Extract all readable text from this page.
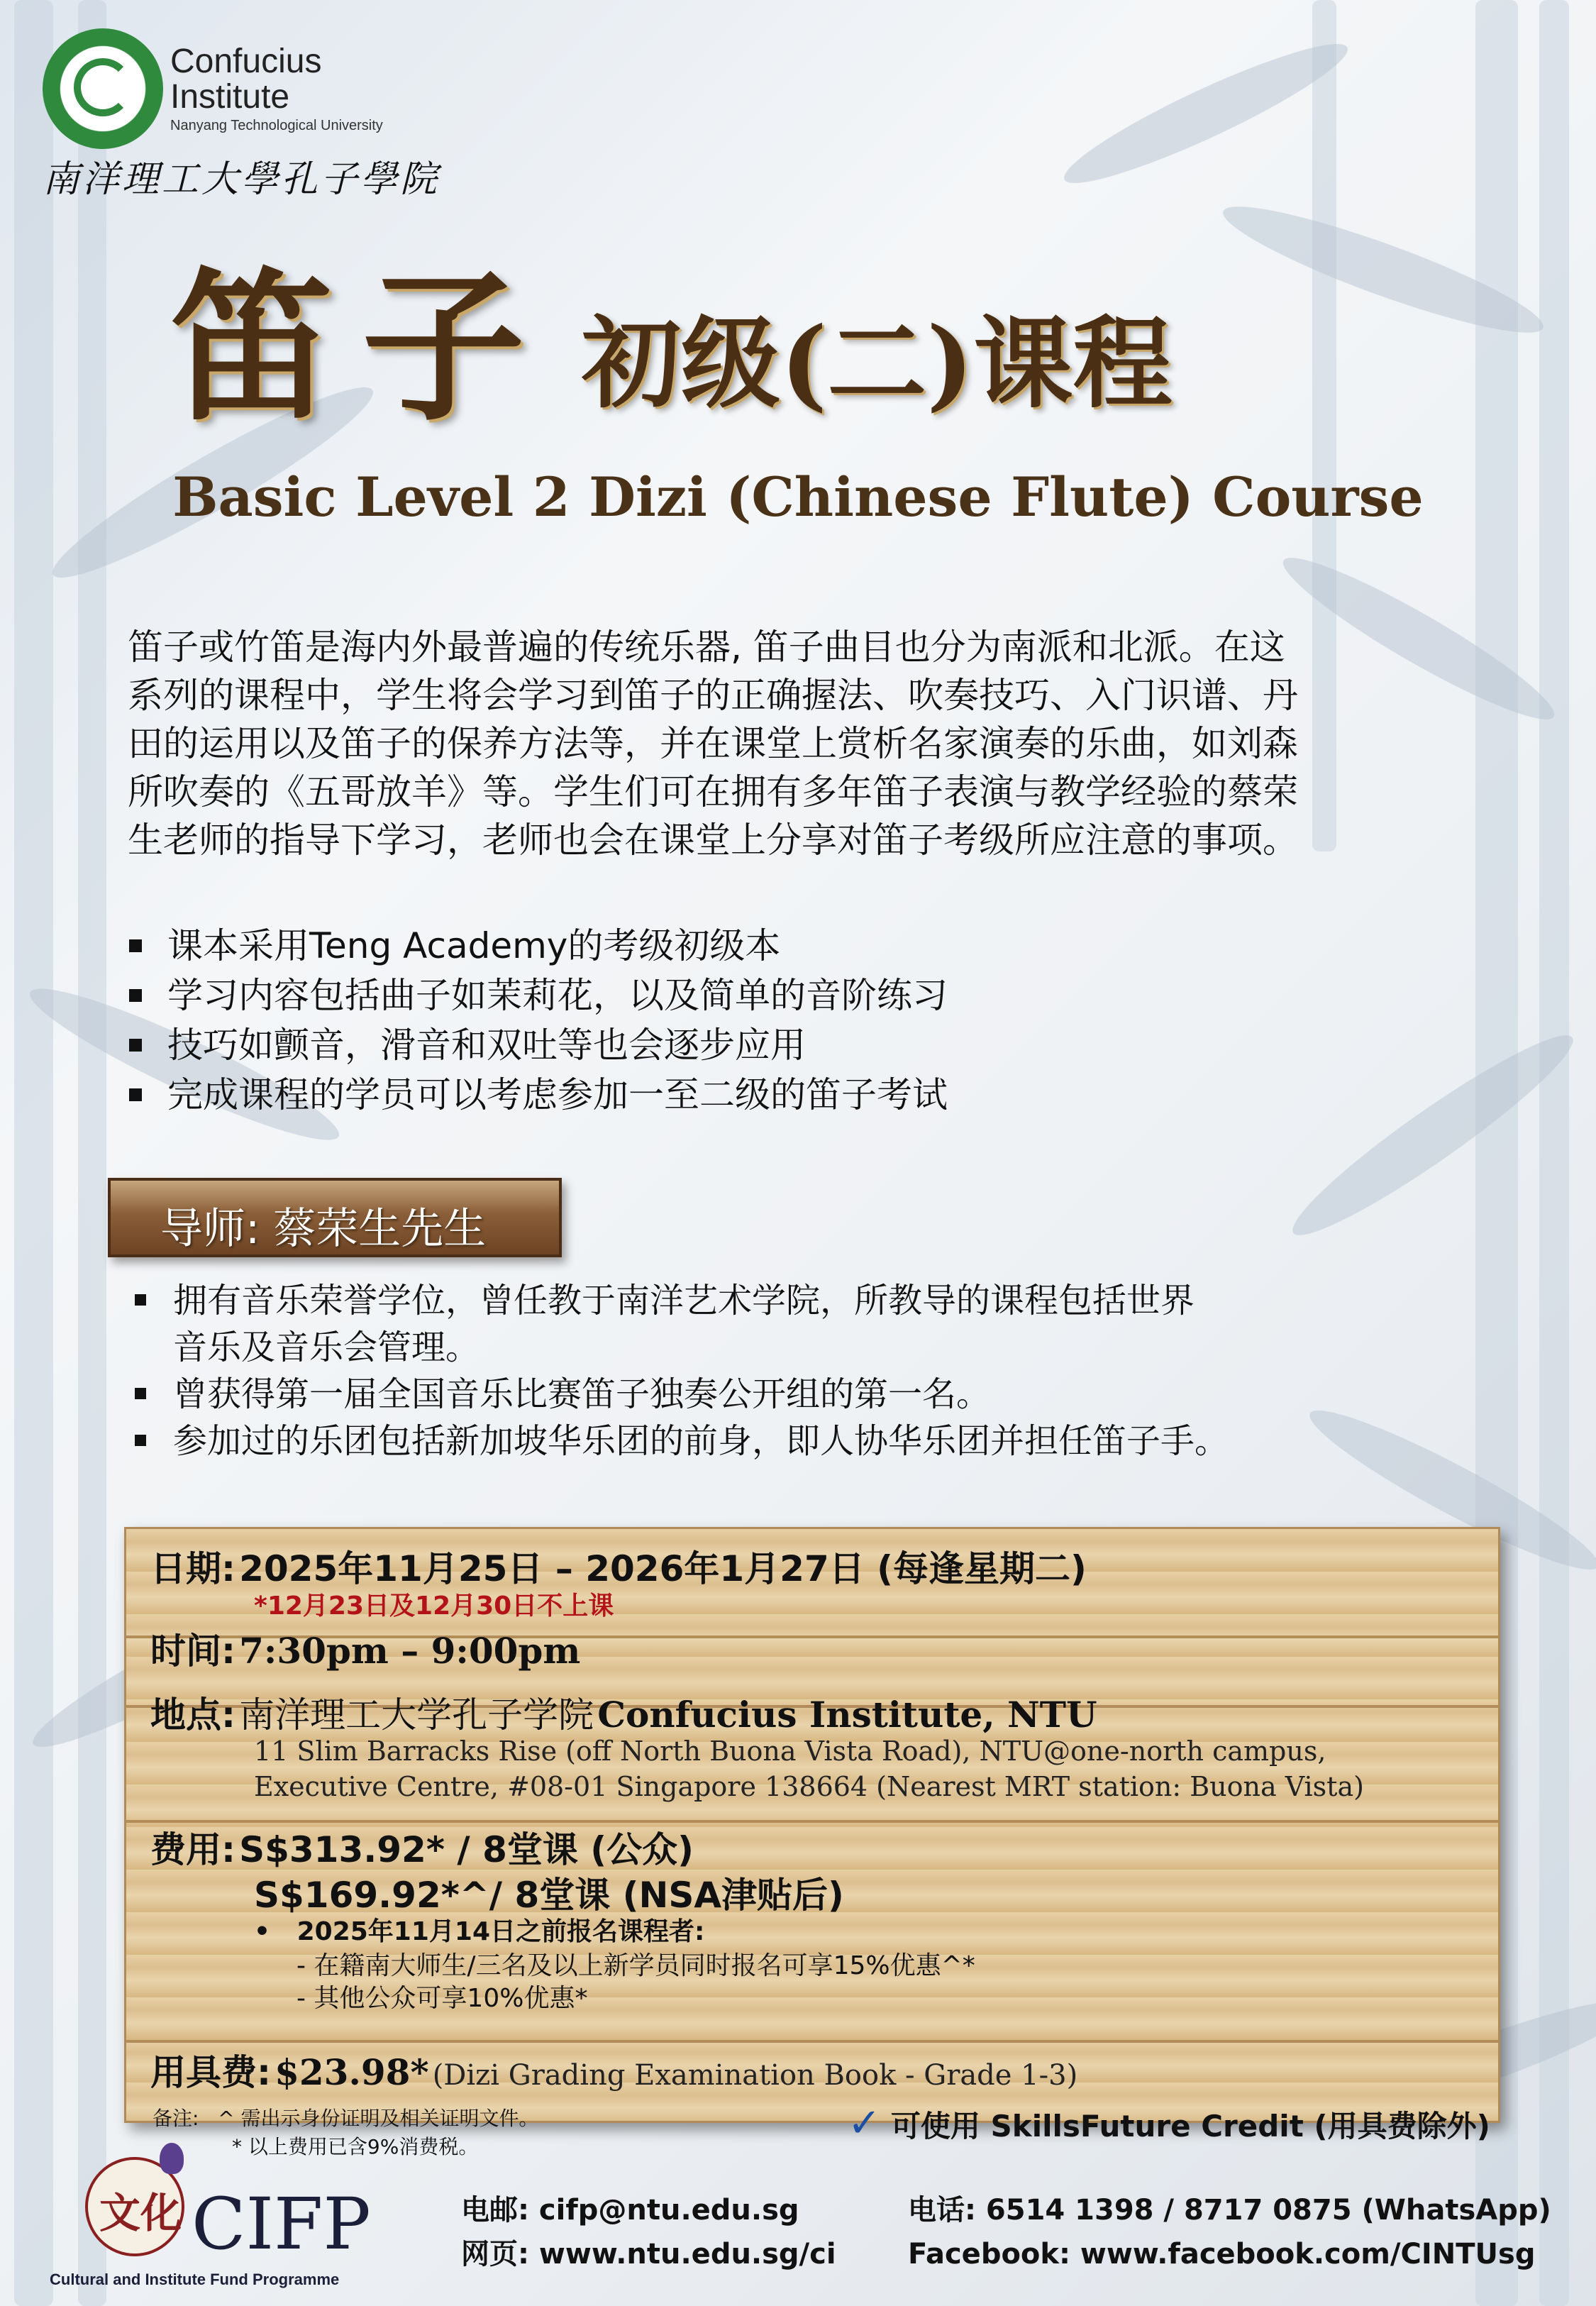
Confucius
Institute
Nanyang Technological University
南洋理工大學孔子學院
笛子 初级(二)课程
Basic Level 2 Dizi (Chinese Flute) Course
笛子或竹笛是海内外最普遍的传统乐器, 笛子曲目也分为南派和北派。在这
系列的课程中，学生将会学习到笛子的正确握法、吹奏技巧、入门识谱、丹
田的运用以及笛子的保养方法等，并在课堂上赏析名家演奏的乐曲，如刘森
所吹奏的《五哥放羊》等。学生们可在拥有多年笛子表演与教学经验的蔡荣
生老师的指导下学习，老师也会在课堂上分享对笛子考级所应注意的事项。
课本采用Teng Academy的考级初级本
学习内容包括曲子如茉莉花，以及简单的音阶练习
技巧如颤音，滑音和双吐等也会逐步应用
完成课程的学员可以考虑参加一至二级的笛子考试
导师: 蔡荣生先生
拥有音乐荣誉学位，曾任教于南洋艺术学院，所教导的课程包括世界
音乐及音乐会管理。
曾获得第一届全国音乐比赛笛子独奏公开组的第一名。
参加过的乐团包括新加坡华乐团的前身，即人协华乐团并担任笛子手。
日期: 2025年11月25日 – 2026年1月27日 (每逢星期二)
*12月23日及12月30日不上课
时间: 7:30pm – 9:00pm
地点: 南洋理工大学孔子学院 Confucius Institute, NTU
11 Slim Barracks Rise (off North Buona Vista Road), NTU@one-north campus,
Executive Centre, #08-01 Singapore 138664 (Nearest MRT station: Buona Vista)
费用: S$313.92* / 8堂课 (公众)
S$169.92*^/ 8堂课 (NSA津贴后)
•   2025年11月14日之前报名课程者:
- 在籍南大师生/三名及以上新学员同时报名可享15%优惠^*
- 其他公众可享10%优惠*
用具费: $23.98* (Dizi Grading Examination Book - Grade 1-3)
备注: ^ 需出示身份证明及相关证明文件。
* 以上费用已含9%消费税。
✓ 可使用 SkillsFuture Credit (用具费除外)
文化 CIFP
Cultural and Institute Fund Programme
电邮: cifp@ntu.edu.sg
网页: www.ntu.edu.sg/ci
电话: 6514 1398 / 8717 0875 (WhatsApp)
Facebook: www.facebook.com/CINTUsg
